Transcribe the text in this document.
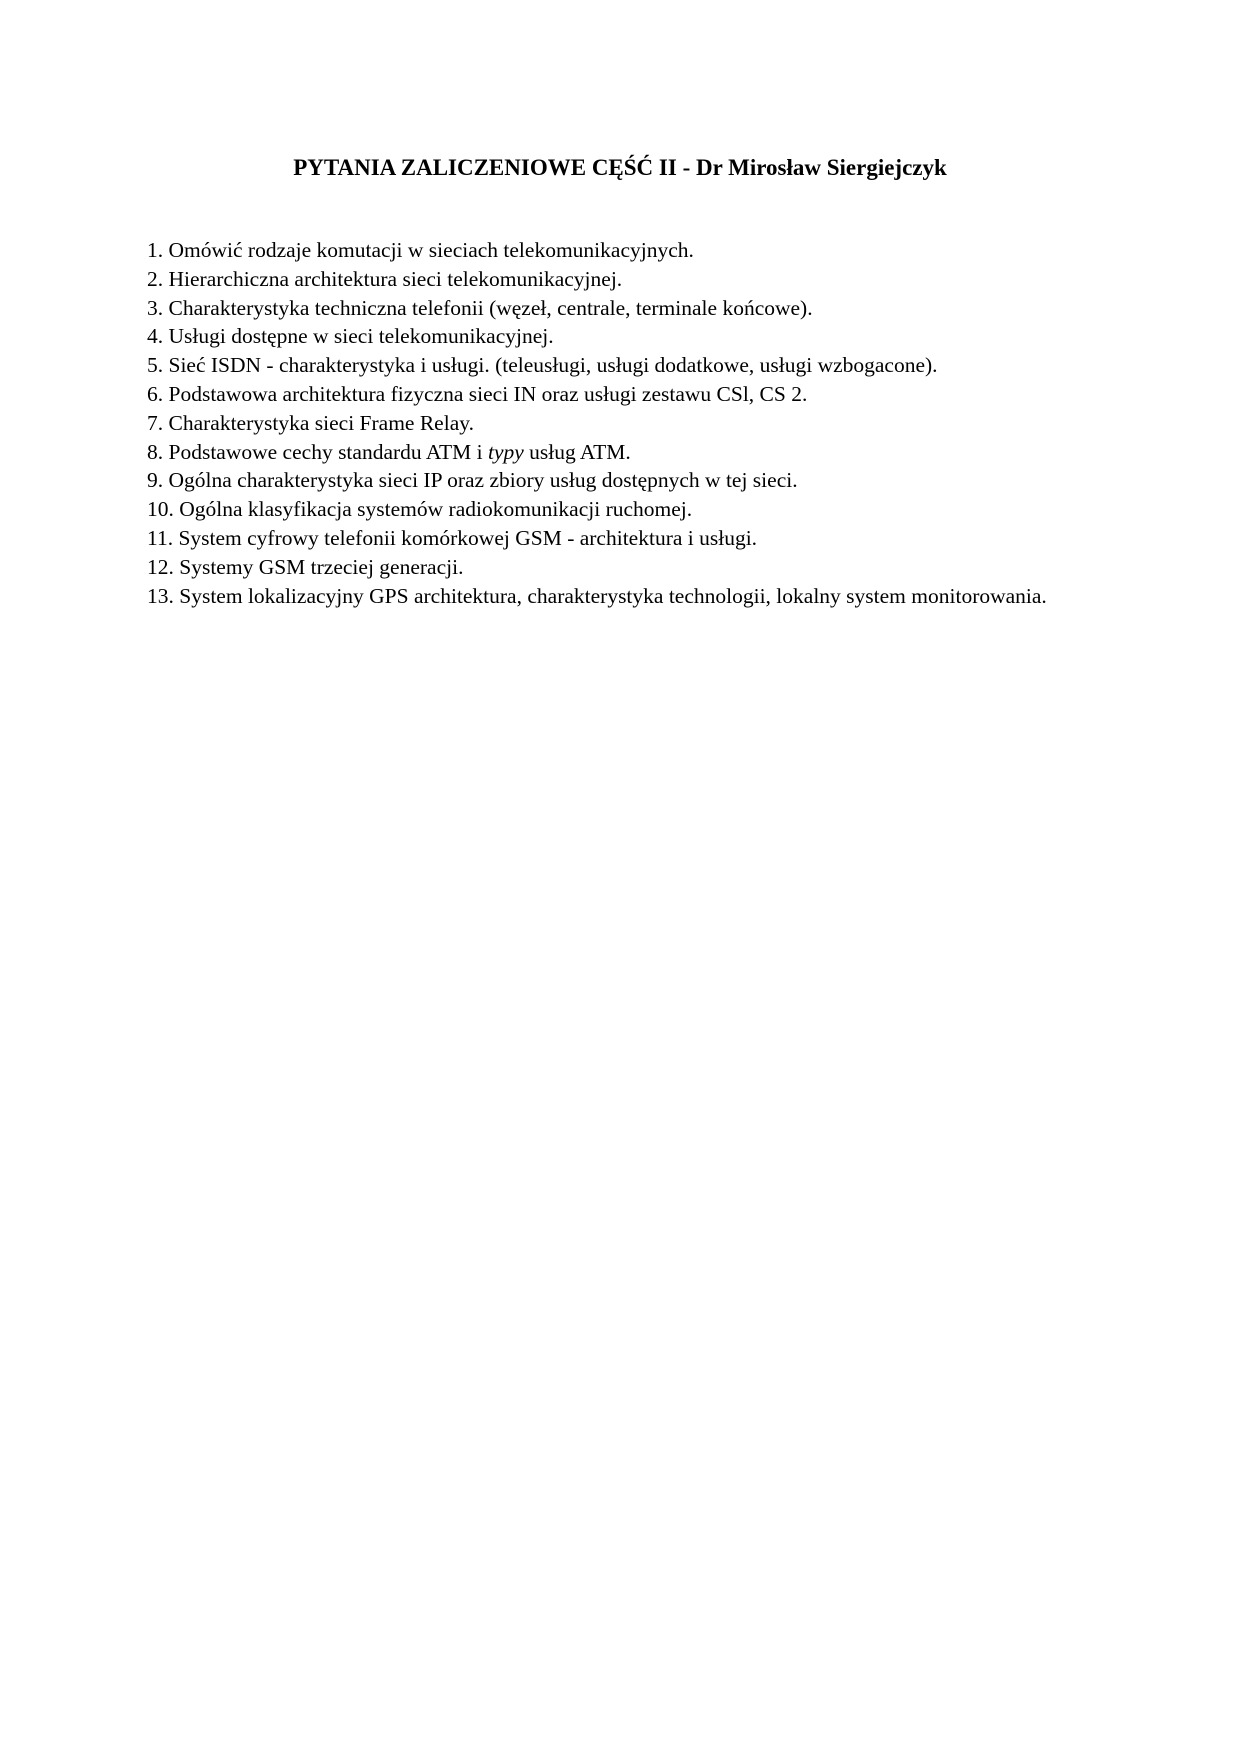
PYTANIA ZALICZENIOWE CĘŚĆ II - Dr Mirosław Siergiejczyk
1. Omówić rodzaje komutacji w sieciach telekomunikacyjnych.
2. Hierarchiczna architektura sieci telekomunikacyjnej.
3. Charakterystyka techniczna telefonii (węzeł, centrale, terminale końcowe).
4. Usługi dostępne w sieci telekomunikacyjnej.
5. Sieć ISDN - charakterystyka i usługi. (teleusługi, usługi dodatkowe, usługi wzbogacone).
6. Podstawowa architektura fizyczna sieci IN oraz usługi zestawu CSl, CS 2.
7. Charakterystyka sieci Frame Relay.
8. Podstawowe cechy standardu ATM i typy usług ATM.
9. Ogólna charakterystyka sieci IP oraz zbiory usług dostępnych w tej sieci.
10. Ogólna klasyfikacja systemów radiokomunikacji ruchomej.
11. System cyfrowy telefonii komórkowej GSM - architektura i usługi.
12. Systemy GSM trzeciej generacji.
13. System lokalizacyjny GPS architektura, charakterystyka technologii, lokalny system monitorowania.
